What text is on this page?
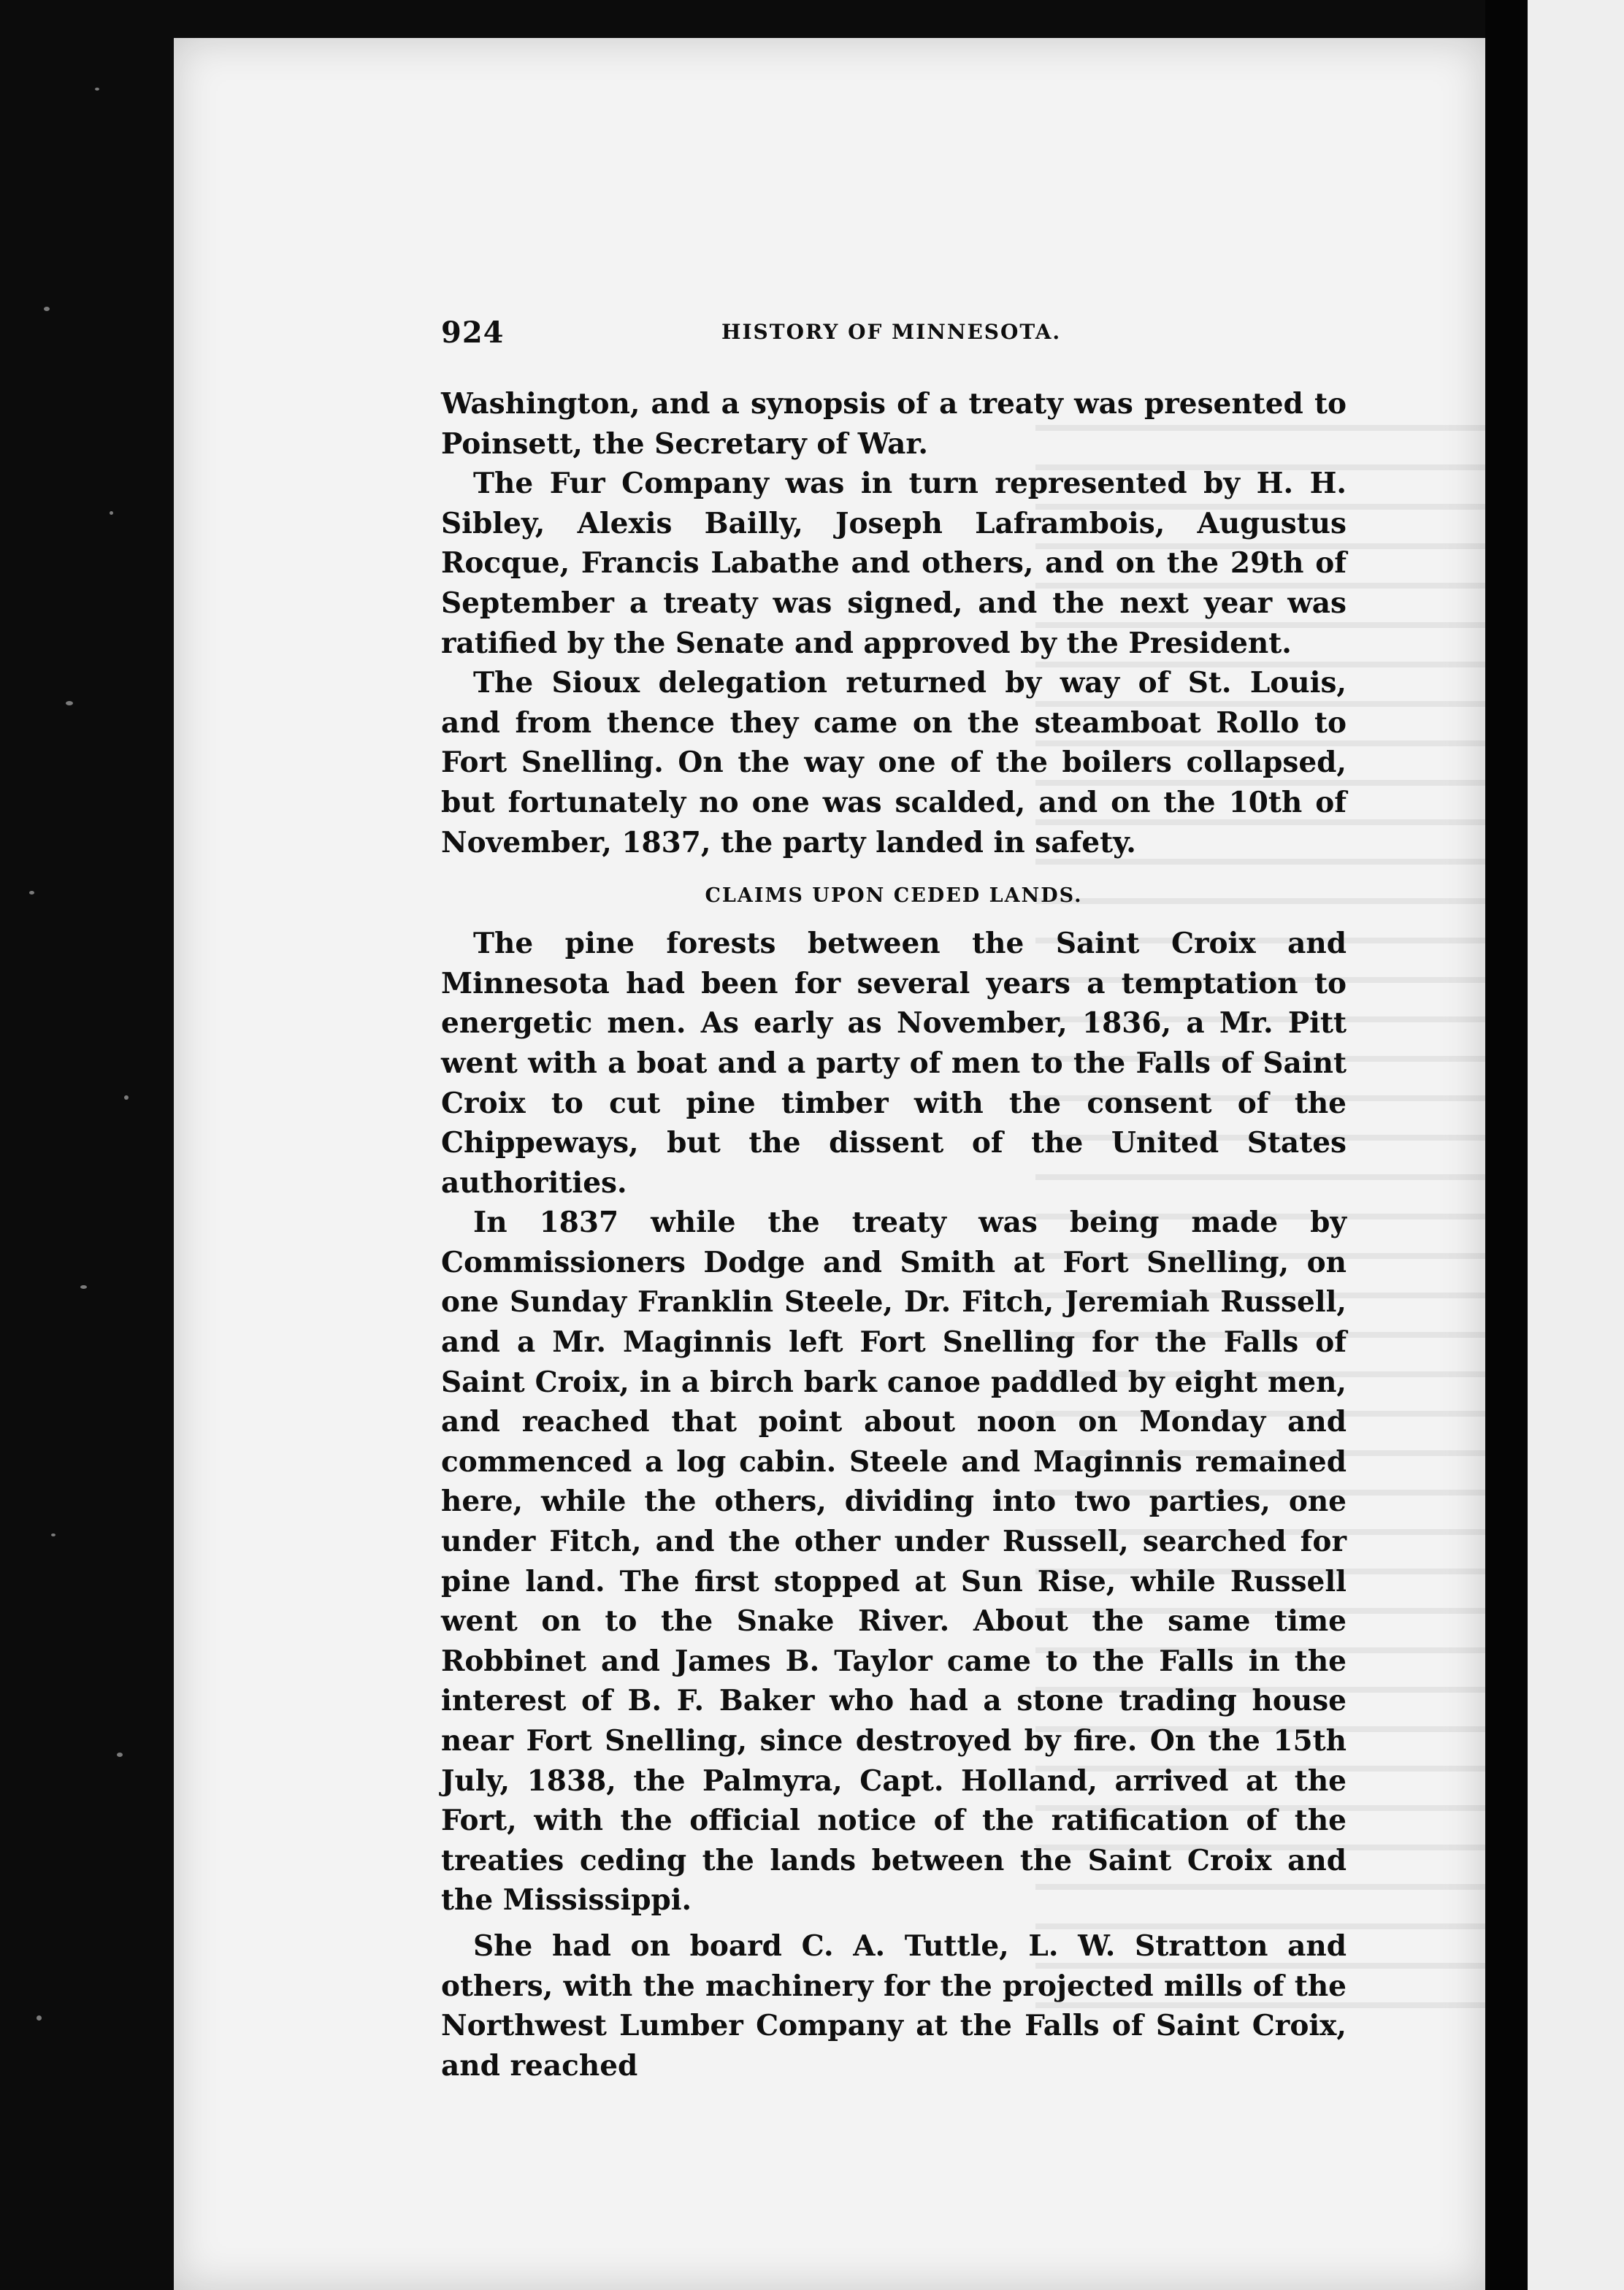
924	HISTORY OF MINNESOTA.

Washington, and a synopsis of a treaty was presented to Poinsett, the Secretary of War.

The Fur Company was in turn represented by H. H. Sibley, Alexis Bailly, Joseph Laframbois, Augustus Rocque, Francis Labathe and others, and on the 29th of September a treaty was signed, and the next year was ratified by the Senate and approved by the President.

The Sioux delegation returned by way of St. Louis, and from thence they came on the steamboat Rollo to Fort Snelling. On the way one of the boilers collapsed, but fortunately no one was scalded, and on the 10th of November, 1837, the party landed in safety.

CLAIMS UPON CEDED LANDS.

The pine forests between the Saint Croix and Minnesota had been for several years a temptation to energetic men. As early as November, 1836, a Mr. Pitt went with a boat and a party of men to the Falls of Saint Croix to cut pine timber with the consent of the Chippeways, but the dissent of the United States authorities.

In 1837 while the treaty was being made by Commissioners Dodge and Smith at Fort Snelling, on one Sunday Franklin Steele, Dr. Fitch, Jeremiah Russell, and a Mr. Maginnis left Fort Snelling for the Falls of Saint Croix, in a birch bark canoe paddled by eight men, and reached that point about noon on Monday and commenced a log cabin. Steele and Maginnis remained here, while the others, dividing into two parties, one under Fitch, and the other under Russell, searched for pine land. The first stopped at Sun Rise, while Russell went on to the Snake River. About the same time Robbinet and James B. Taylor came to the Falls in the interest of B. F. Baker who had a stone trading house near Fort Snelling, since destroyed by fire. On the 15th July, 1838, the Palmyra, Capt. Holland, arrived at the Fort, with the official notice of the ratification of the treaties ceding the lands between the Saint Croix and the Mississippi.

She had on board C. A. Tuttle, L. W. Stratton and others, with the machinery for the projected mills of the Northwest Lumber Company at the Falls of Saint Croix, and reached
